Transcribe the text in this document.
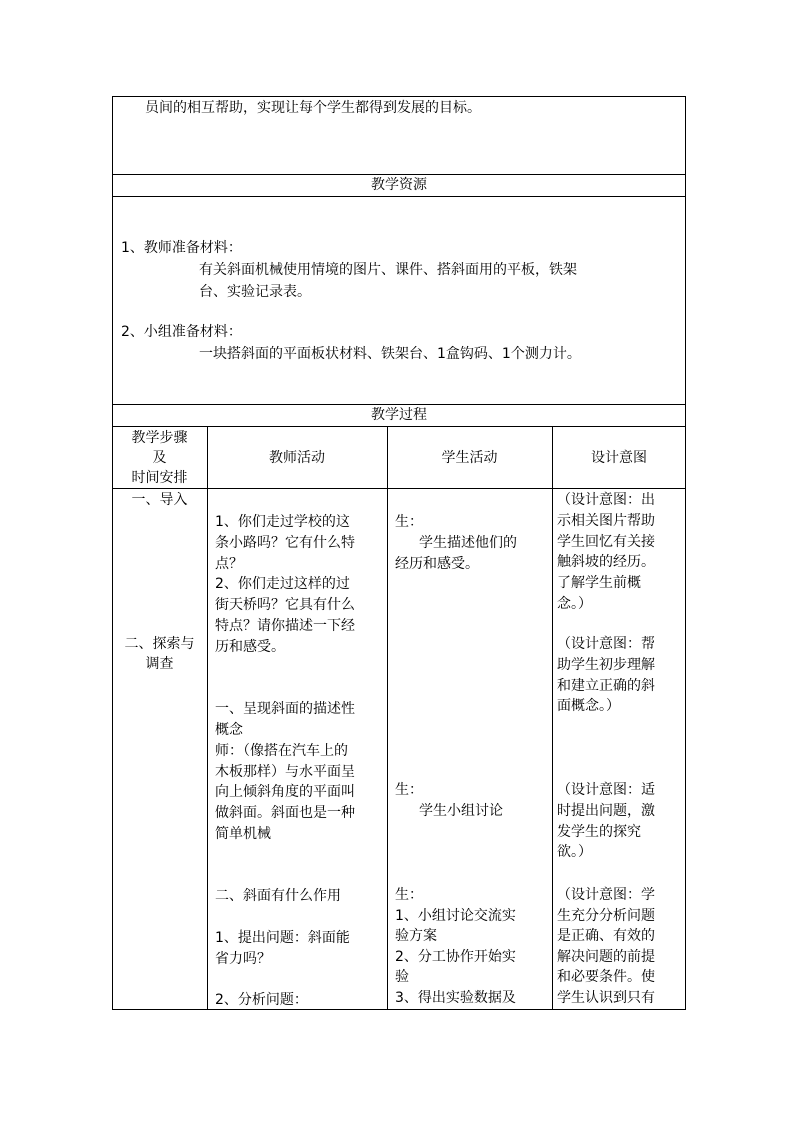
员间的相互帮助，实现让每个学生都得到发展的目标。
教学资源
1、教师准备材料：
有关斜面机械使用情境的图片、课件、搭斜面用的平板，铁架
台、实验记录表。
2、小组准备材料：
一块搭斜面的平面板状材料、铁架台、1盒钩码、1个测力计。
教学过程
教学步骤
及
时间安排
教师活动	学生活动	设计意图
一、导入
二、探索与
调查
1、你们走过学校的这
条小路吗？它有什么特
点？
2、你们走过这样的过
街天桥吗？它具有什么
特点？请你描述一下经
历和感受。
一、呈现斜面的描述性
概念
师：（像搭在汽车上的
木板那样）与水平面呈
向上倾斜角度的平面叫
做斜面。斜面也是一种
简单机械
二、斜面有什么作用
1、提出问题：斜面能
省力吗？
2、分析问题：
生：
学生描述他们的
经历和感受。
生：
学生小组讨论
生：
1、小组讨论交流实
验方案
2、分工协作开始实
验
3、得出实验数据及
（设计意图：出
示相关图片帮助
学生回忆有关接
触斜坡的经历。
了解学生前概
念。）
（设计意图：帮
助学生初步理解
和建立正确的斜
面概念。）
（设计意图：适
时提出问题，激
发学生的探究
欲。）
（设计意图：学
生充分分析问题
是正确、有效的
解决问题的前提
和必要条件。使
学生认识到只有
